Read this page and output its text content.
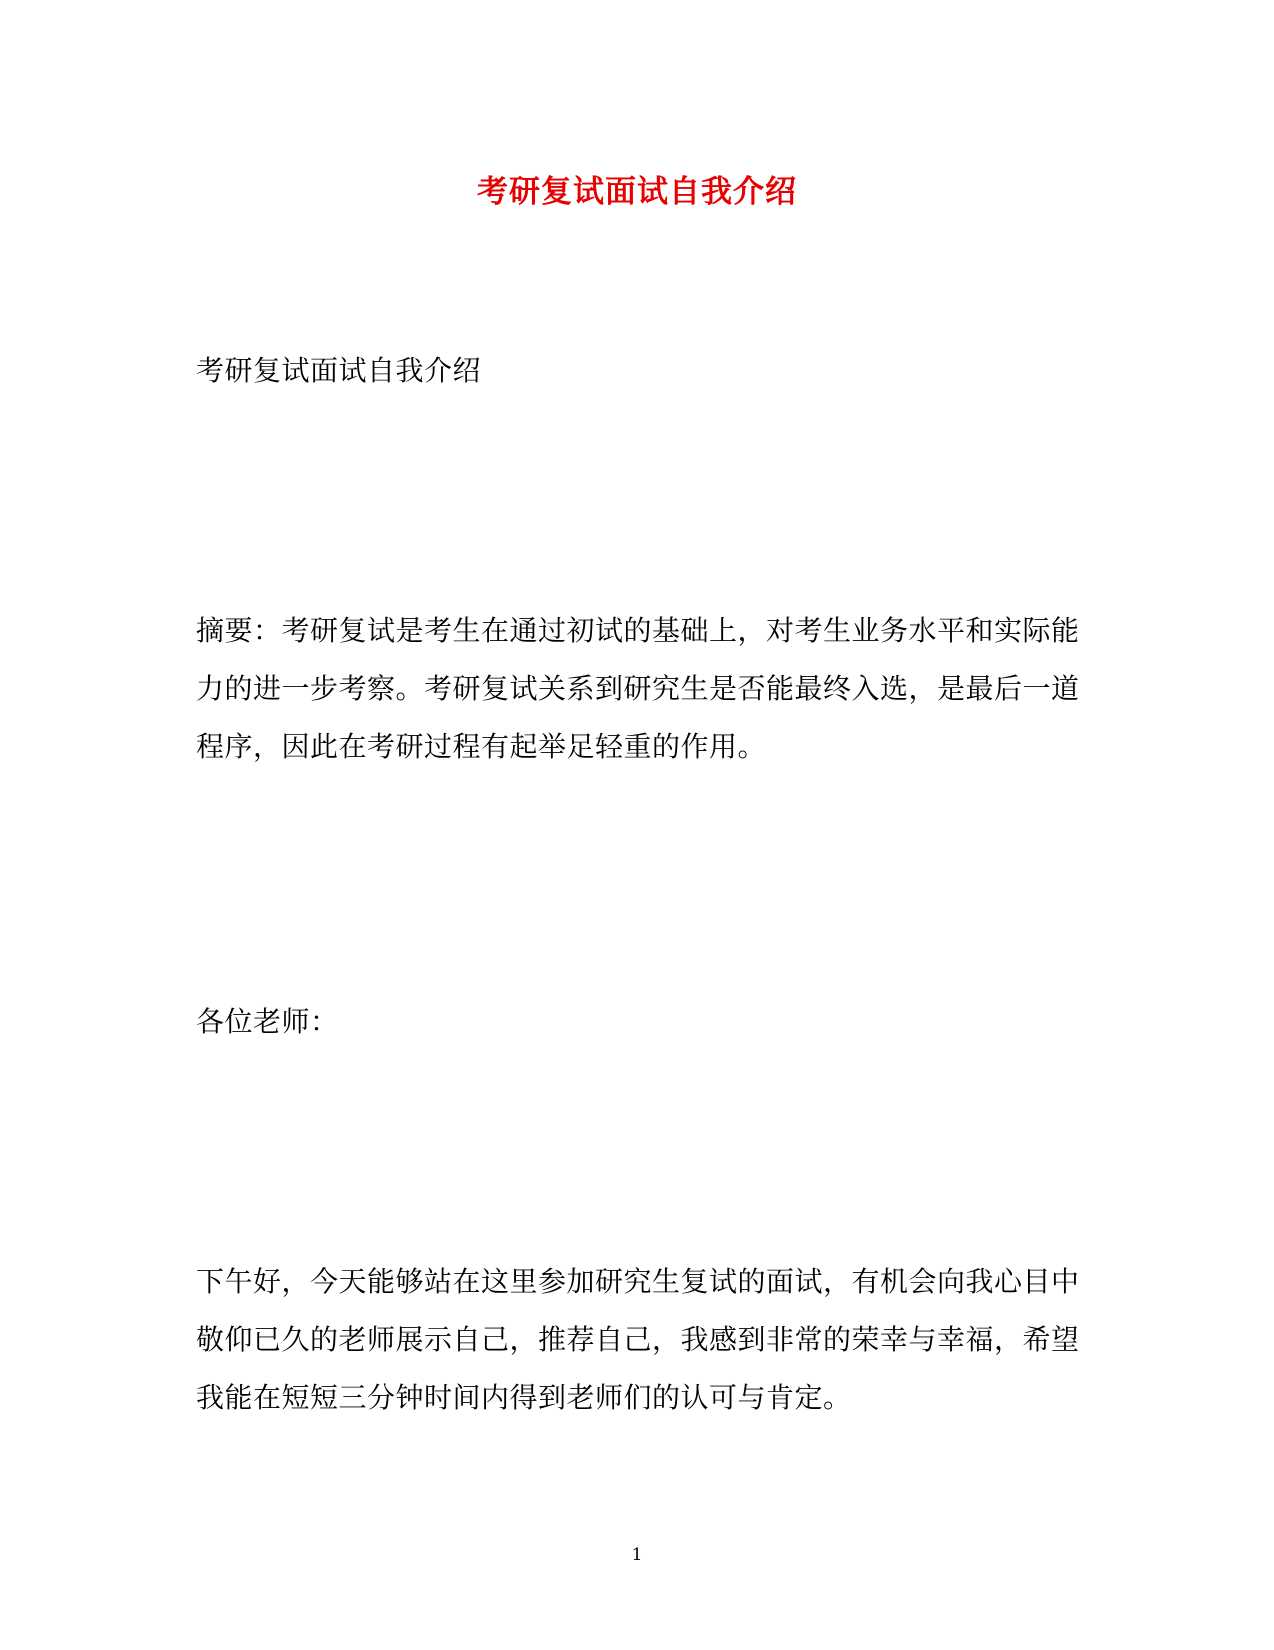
考研复试面试自我介绍

考研复试面试自我介绍

摘要：考研复试是考生在通过初试的基础上，对考生业务水平和实际能力的进一步考察。考研复试关系到研究生是否能最终入选，是最后一道程序，因此在考研过程有起举足轻重的作用。

各位老师：

下午好，今天能够站在这里参加研究生复试的面试，有机会向我心目中敬仰已久的老师展示自己，推荐自己，我感到非常的荣幸与幸福，希望我能在短短三分钟时间内得到老师们的认可与肯定。

1
